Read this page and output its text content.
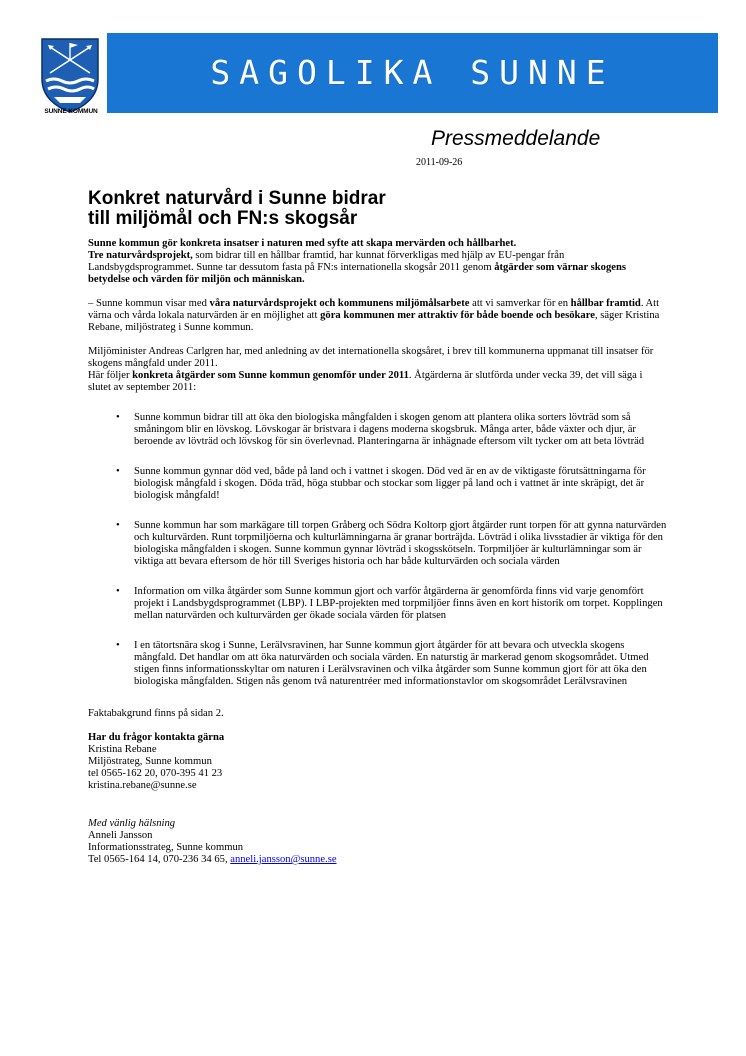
SUNNE KOMMUN
SAGOLIKA SUNNE
Pressmeddelande
2011-09-26
Konkret naturvård i Sunne bidrar
till miljömål och FN:s skogsår

Sunne kommun gör konkreta insatser i naturen med syfte att skapa mervärden och hållbarhet.

Tre naturvårdsprojekt, som bidrar till en hållbar framtid, har kunnat förverkligas med hjälp av EU-pengar från Landsbygdsprogrammet. Sunne tar dessutom fasta på FN:s internationella skogsår 2011 genom åtgärder som värnar skogens betydelse och värden för miljön och människan.

– Sunne kommun visar med våra naturvårdsprojekt och kommunens miljömålsarbete att vi samverkar för en hållbar framtid. Att värna och vårda lokala naturvärden är en möjlighet att göra kommunen mer attraktiv för både boende och besökare, säger Kristina Rebane, miljöstrateg i Sunne kommun.

Miljöminister Andreas Carlgren har, med anledning av det internationella skogsåret, i brev till kommunerna uppmanat till insatser för skogens mångfald under 2011.

Här följer konkreta åtgärder som Sunne kommun genomför under 2011. Åtgärderna är slutförda under vecka 39, det vill säga i slutet av september 2011:

• Sunne kommun bidrar till att öka den biologiska mångfalden i skogen genom att plantera olika sorters lövträd som så småningom blir en lövskog. Lövskogar är bristvara i dagens moderna skogsbruk. Många arter, både växter och djur, är beroende av lövträd och lövskog för sin överlevnad. Planteringarna är inhägnade eftersom vilt tycker om att beta lövträd
• Sunne kommun gynnar död ved, både på land och i vattnet i skogen. Död ved är en av de viktigaste förutsättningarna för biologisk mångfald i skogen. Döda träd, höga stubbar och stockar som ligger på land och i vattnet är inte skräpigt, det är biologisk mångfald!
• Sunne kommun har som markägare till torpen Gråberg och Södra Koltorp gjort åtgärder runt torpen för att gynna naturvärden och kulturvärden. Runt torpmiljöerna och kulturlämningarna är granar borträjda. Lövträd i olika livsstadier är viktiga för den biologiska mångfalden i skogen. Sunne kommun gynnar lövträd i skogsskötseln. Torpmiljöer är kulturlämningar som är viktiga att bevara eftersom de hör till Sveriges historia och har både kulturvärden och sociala värden
• Information om vilka åtgärder som Sunne kommun gjort och varför åtgärderna är genomförda finns vid varje genomfört projekt i Landsbygdsprogrammet (LBP). I LBP-projekten med torpmiljöer finns även en kort historik om torpet. Kopplingen mellan naturvärden och kulturvärden ger ökade sociala värden för platsen
• I en tätortsnära skog i Sunne, Lerälvsravinen, har Sunne kommun gjort åtgärder för att bevara och utveckla skogens mångfald. Det handlar om att öka naturvärden och sociala värden. En naturstig är markerad genom skogsområdet. Utmed stigen finns informationsskyltar om naturen i Lerälvsravinen och vilka åtgärder som Sunne kommun gjort för att öka den biologiska mångfalden. Stigen nås genom två naturentréer med informationstavlor om skogsområdet Lerälvsravinen

Faktabakgrund finns på sidan 2.

Har du frågor kontakta gärna

Kristina Rebane

Miljöstrateg, Sunne kommun

tel 0565-162 20, 070-395 41 23

kristina.rebane@sunne.se

Med vänlig hälsning

Anneli Jansson

Informationsstrateg, Sunne kommun

Tel 0565-164 14, 070-236 34 65, anneli.jansson@sunne.se
